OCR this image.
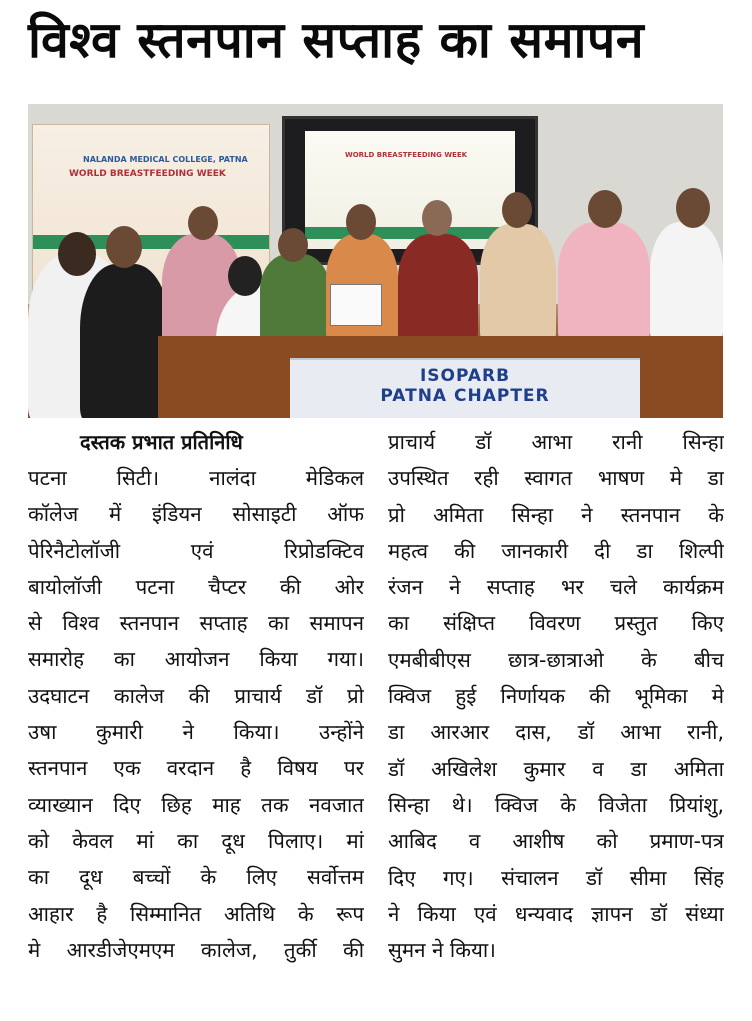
विश्व स्तनपान सप्ताह का समापन
NALANDA MEDICAL COLLEGE, PATNA
WORLD BREASTFEEDING WEEK
WORLD BREASTFEEDING WEEK
ISOPARB
PATNA CHAPTER
दस्तक प्रभात प्रतिनिधि
पटना सिटी। नालंदा मेडिकल
कॉलेज में इंडियन सोसाइटी ऑफ
पेरिनैटोलॉजी एवं रिप्रोडक्टिव
बायोलॉजी पटना चैप्टर की ओर
से विश्व स्तनपान सप्ताह का समापन
समारोह का आयोजन किया गया।
उदघाटन कालेज की प्राचार्य डॉ प्रो
उषा कुमारी ने किया। उन्होंने
स्तनपान एक वरदान है विषय पर
व्याख्यान दिए छिह माह तक नवजात
को केवल मां का दूध पिलाए। मां
का दूध बच्चों के लिए सर्वोत्तम
आहार है सिम्मानित अतिथि के रूप
मे आरडीजेएमएम कालेज, तुर्की की
प्राचार्य डॉ आभा रानी सिन्हा
उपस्थित रही स्वागत भाषण मे डा
प्रो अमिता सिन्हा ने स्तनपान के
महत्व की जानकारी दी डा शिल्पी
रंजन ने सप्ताह भर चले कार्यक्रम
का संक्षिप्त विवरण प्रस्तुत किए
एमबीबीएस छात्र-छात्राओ के बीच
क्विज हुई निर्णायक की भूमिका मे
डा आरआर दास, डॉ आभा रानी,
डॉ अखिलेश कुमार व डा अमिता
सिन्हा थे। क्विज के विजेता प्रियांशु,
आबिद व आशीष को प्रमाण-पत्र
दिए गए। संचालन डॉ सीमा सिंह
ने किया एवं धन्यवाद ज्ञापन डॉ संध्या
सुमन ने किया।
